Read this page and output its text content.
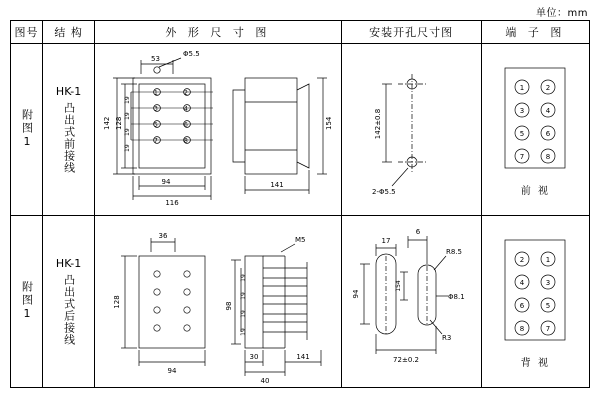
单位：mm
图号	结 构	外 形 尺 寸 图	安装开孔尺寸图	端 子 图

附图1

HK-1
凸出式前接线

53
Φ5.5
142 128
19
19
19
19
94
116
154
141
1	2
3	4
5	6
7	8

142±0.8
2-Φ5.5

1	2
3	4
5	6
7	8
前 视

附图1

HK-1
凸出式后接线

36
128
94
M5
98
19
19
19
19
30
40
141

17
6
R8.5
154
94	Φ8.1
R3
72±0.2

2	1
4	3
6	5
8	7
背 视
